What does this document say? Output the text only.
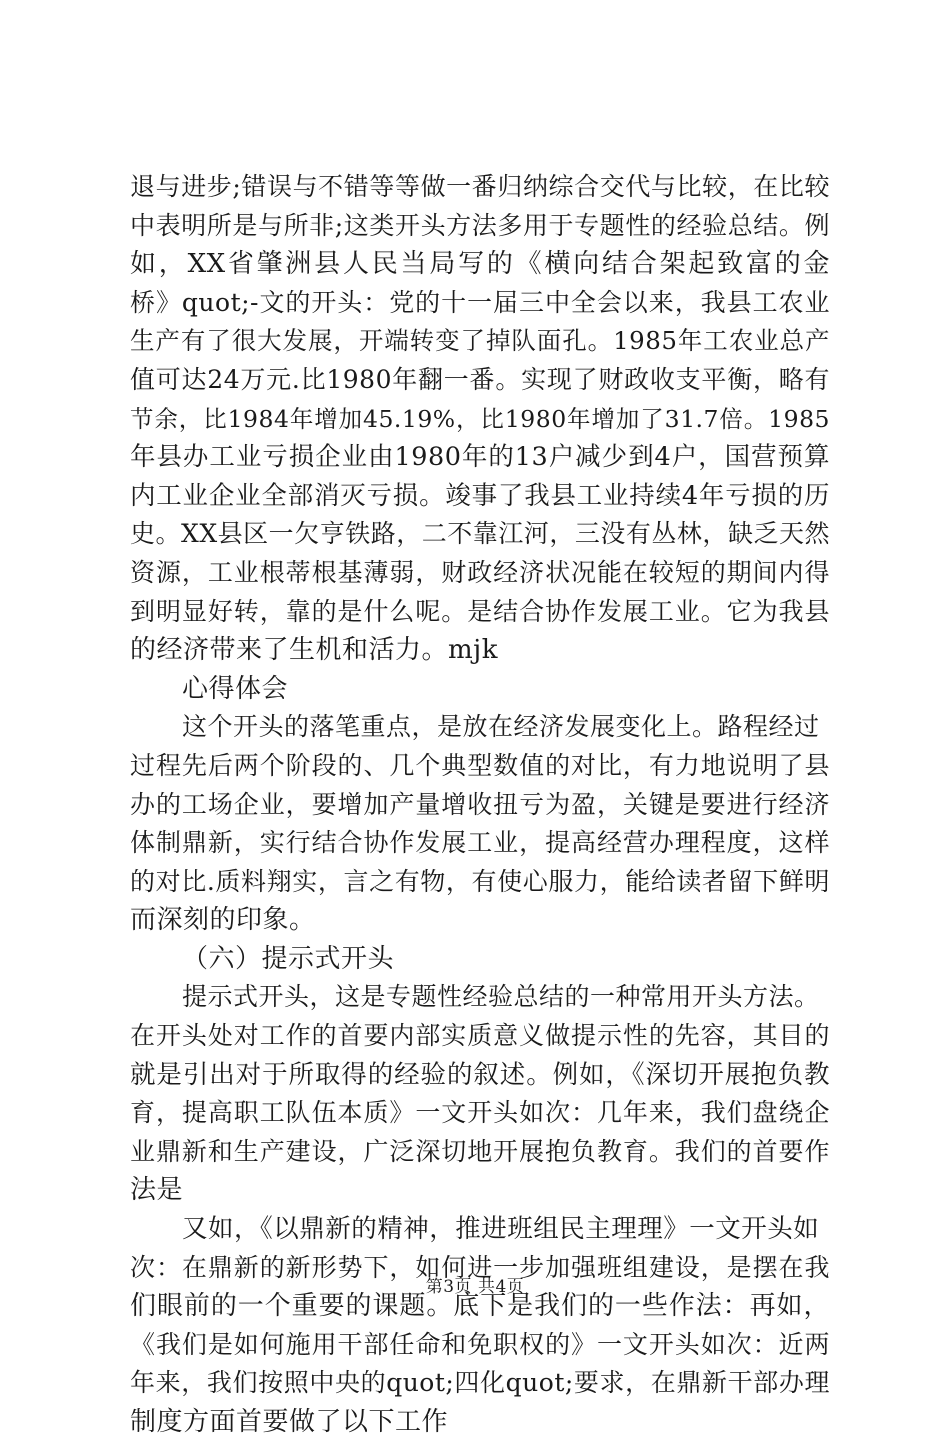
退与进步;错误与不错等等做一番归纳综合交代与比较，在比较
中表明所是与所非;这类开头方法多用于专题性的经验总结。例
如，XX省肇洲县人民当局写的《横向结合架起致富的金
桥》quot;-文的开头：党的十一届三中全会以来，我县工农业
生产有了很大发展，开端转变了掉队面孔。1985年工农业总产
值可达24万元.比1980年翻一番。实现了财政收支平衡，略有
节余，比1984年增加45.19%，比1980年增加了31.7倍。1985
年县办工业亏损企业由1980年的13户减少到4户，国营预算
内工业企业全部消灭亏损。竣事了我县工业持续4年亏损的历
史。XX县区一欠亨铁路，二不靠江河，三没有丛林，缺乏天然
资源，工业根蒂根基薄弱，财政经济状况能在较短的期间内得
到明显好转，靠的是什么呢。是结合协作发展工业。它为我县
的经济带来了生机和活力。mjk
心得体会
这个开头的落笔重点，是放在经济发展变化上。路程经过
过程先后两个阶段的、几个典型数值的对比，有力地说明了县
办的工场企业，要增加产量增收扭亏为盈，关键是要进行经济
体制鼎新，实行结合协作发展工业，提高经营办理程度，这样
的对比.质料翔实，言之有物，有使心服力，能给读者留下鲜明
而深刻的印象。
（六）提示式开头
提示式开头，这是专题性经验总结的一种常用开头方法。
在开头处对工作的首要内部实质意义做提示性的先容，其目的
就是引出对于所取得的经验的叙述。例如，《深切开展抱负教
育，提高职工队伍本质》一文开头如次：几年来，我们盘绕企
业鼎新和生产建设，广泛深切地开展抱负教育。我们的首要作
法是
又如，《以鼎新的精神，推进班组民主理理》一文开头如
次：在鼎新的新形势下，如何进一步加强班组建设，是摆在我
们眼前的一个重要的课题。底下是我们的一些作法：再如，
《我们是如何施用干部任命和免职权的》一文开头如次：近两
年来，我们按照中央的quot;四化quot;要求，在鼎新干部办理
制度方面首要做了以下工作
第3页 共4页
